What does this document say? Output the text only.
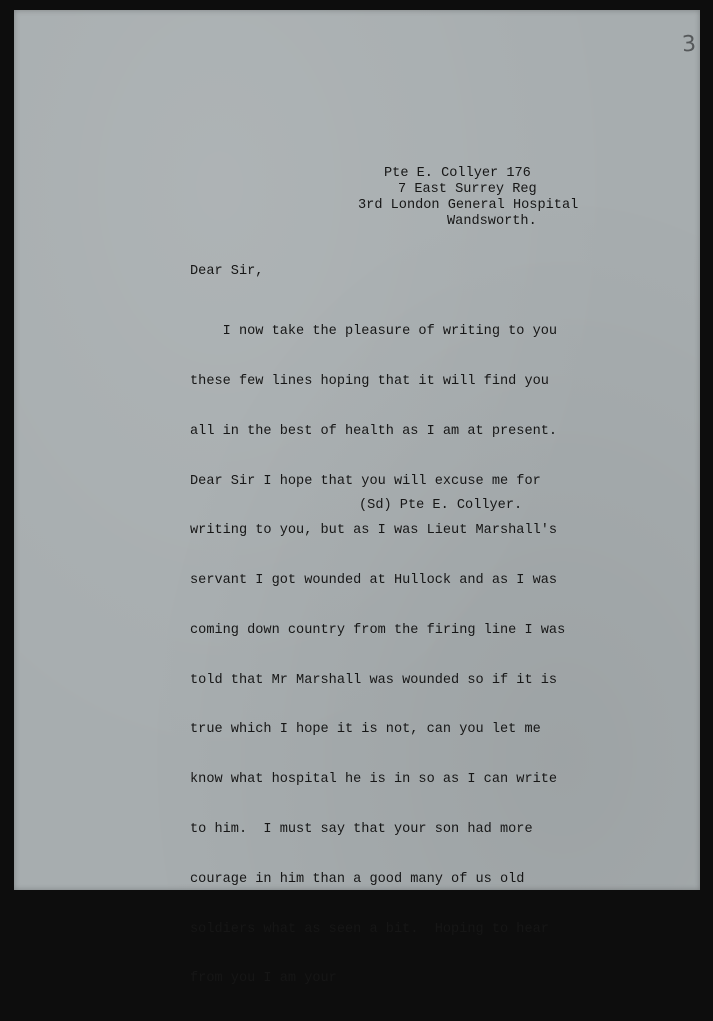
3
Pte E. Collyer 176
7 East Surrey Reg
3rd London General Hospital
Wandsworth.
Dear Sir,

I now take the pleasure of writing to you

these few lines hoping that it will find you

all in the best of health as I am at present.

Dear Sir I hope that you will excuse me for

writing to you, but as I was Lieut Marshall's

servant I got wounded at Hullock and as I was

coming down country from the firing line I was

told that Mr Marshall was wounded so if it is

true which I hope it is not, can you let me

know what hospital he is in so as I can write

to him.  I must say that your son had more

courage in him than a good many of us old

soldiers what as seen a bit.  Hoping to hear

from you I am your

(Sd) Pte E. Collyer.
